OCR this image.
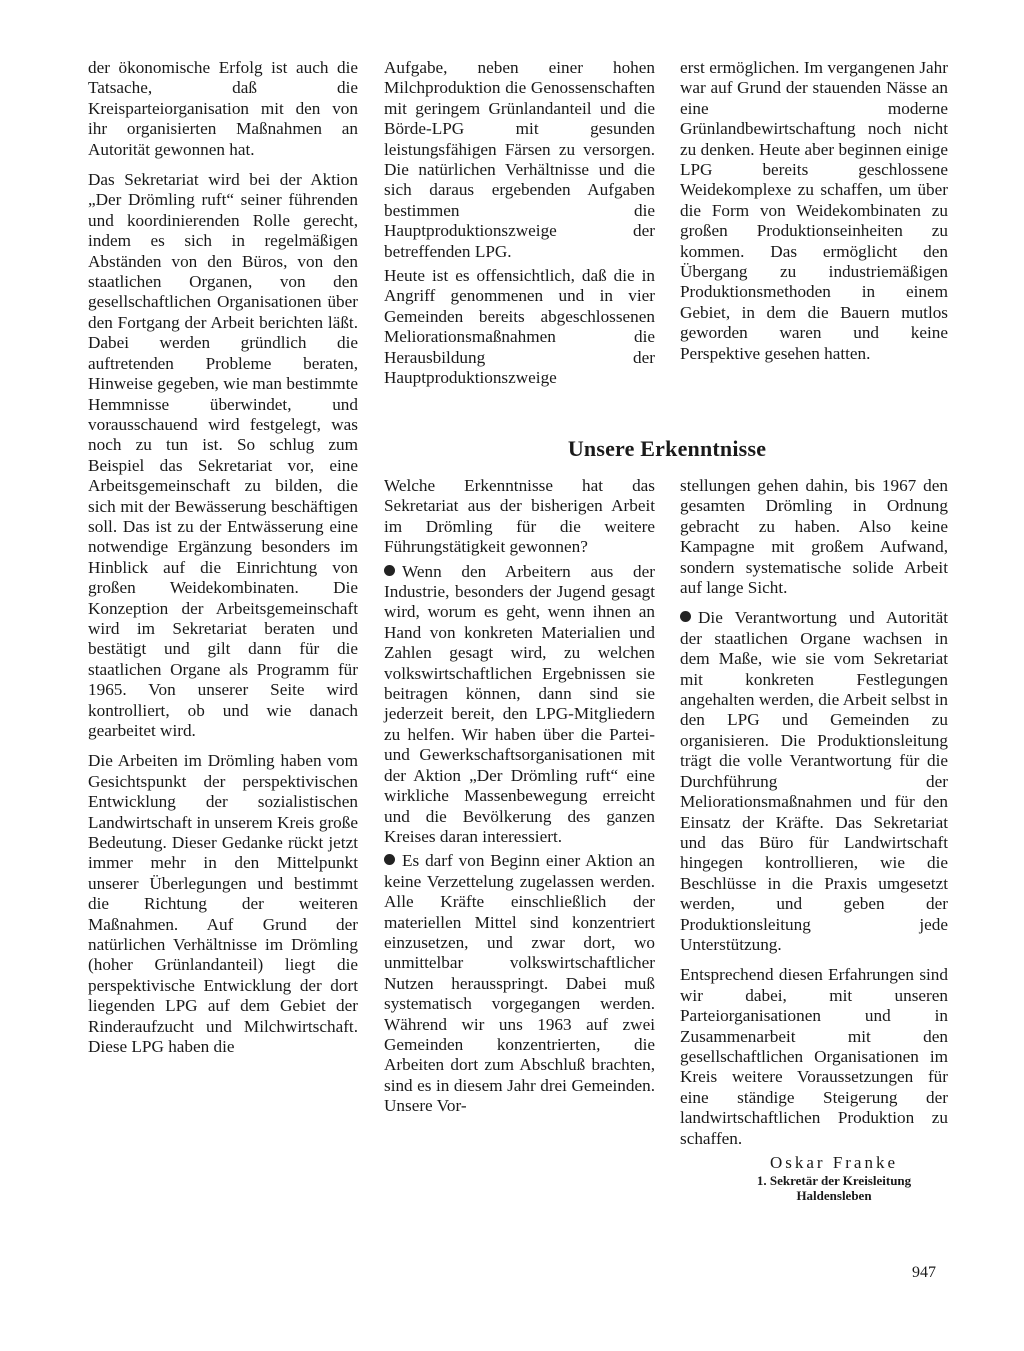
der ökonomische Erfolg ist auch die Tatsache, daß die Kreisparteiorganisation mit den von ihr organisierten Maßnahmen an Autorität gewonnen hat.

Das Sekretariat wird bei der Aktion „Der Drömling ruft“ seiner führenden und koordinierenden Rolle gerecht, indem es sich in regelmäßigen Abständen von den Büros, von den staatlichen Organen, von den gesellschaftlichen Organisationen über den Fortgang der Arbeit berichten läßt. Dabei werden gründlich die auftretenden Probleme beraten, Hinweise gegeben, wie man bestimmte Hemmnisse überwindet, und vorausschauend wird festgelegt, was noch zu tun ist. So schlug zum Beispiel das Sekretariat vor, eine Arbeitsgemeinschaft zu bilden, die sich mit der Bewässerung beschäftigen soll. Das ist zu der Entwässerung eine notwendige Ergänzung besonders im Hinblick auf die Einrichtung von großen Weidekombinaten. Die Konzeption der Arbeitsgemeinschaft wird im Sekretariat beraten und bestätigt und gilt dann für die staatlichen Organe als Programm für 1965. Von unserer Seite wird kontrolliert, ob und wie danach gearbeitet wird.

Die Arbeiten im Drömling haben vom Gesichtspunkt der perspektivischen Entwicklung der sozialistischen Landwirtschaft in unserem Kreis große Bedeutung. Dieser Gedanke rückt jetzt immer mehr in den Mittelpunkt unserer Überlegungen und bestimmt die Richtung der weiteren Maßnahmen. Auf Grund der natürlichen Verhältnisse im Drömling (hoher Grünlandanteil) liegt die perspektivische Entwicklung der dort liegenden LPG auf dem Gebiet der Rinderaufzucht und Milchwirtschaft. Diese LPG haben die

Aufgabe, neben einer hohen Milchproduktion die Genossenschaften mit geringem Grünlandanteil und die Börde-LPG mit gesunden leistungsfähigen Färsen zu versorgen. Die natürlichen Verhältnisse und die sich daraus ergebenden Aufgaben bestimmen die Hauptproduktionszweige der betreffenden LPG.

Heute ist es offensichtlich, daß die in Angriff genommenen und in vier Gemeinden bereits abgeschlossenen Meliorationsmaßnahmen die Herausbildung der Hauptproduktionszweige

erst ermöglichen. Im vergangenen Jahr war auf Grund der stauenden Nässe an eine moderne Grünlandbewirtschaftung noch nicht zu denken. Heute aber beginnen einige LPG bereits geschlossene Weidekomplexe zu schaffen, um über die Form von Weidekombinaten zu großen Produktionseinheiten zu kommen. Das ermöglicht den Übergang zu industriemäßigen Produktionsmethoden in einem Gebiet, in dem die Bauern mutlos geworden waren und keine Perspektive gesehen hatten.

Unsere Erkenntnisse

Welche Erkenntnisse hat das Sekretariat aus der bisherigen Arbeit im Drömling für die weitere Führungstätigkeit gewonnen?

Wenn den Arbeitern aus der Industrie, besonders der Jugend gesagt wird, worum es geht, wenn ihnen an Hand von konkreten Materialien und Zahlen gesagt wird, zu welchen volkswirtschaftlichen Ergebnissen sie beitragen können, dann sind sie jederzeit bereit, den LPG-Mitgliedern zu helfen. Wir haben über die Partei- und Gewerkschaftsorganisationen mit der Aktion „Der Drömling ruft“ eine wirkliche Massenbewegung erreicht und die Bevölkerung des ganzen Kreises daran interessiert.

Es darf von Beginn einer Aktion an keine Verzettelung zugelassen werden. Alle Kräfte einschließlich der materiellen Mittel sind konzentriert einzusetzen, und zwar dort, wo unmittelbar volkswirtschaftlicher Nutzen herausspringt. Dabei muß systematisch vorgegangen werden. Während wir uns 1963 auf zwei Gemeinden konzentrierten, die Arbeiten dort zum Abschluß brachten, sind es in diesem Jahr drei Gemeinden. Unsere Vor-

stellungen gehen dahin, bis 1967 den gesamten Drömling in Ordnung gebracht zu haben. Also keine Kampagne mit großem Aufwand, sondern systematische solide Arbeit auf lange Sicht.

Die Verantwortung und Autorität der staatlichen Organe wachsen in dem Maße, wie sie vom Sekretariat mit konkreten Festlegungen angehalten werden, die Arbeit selbst in den LPG und Gemeinden zu organisieren. Die Produktionsleitung trägt die volle Verantwortung für die Durchführung der Meliorationsmaßnahmen und für den Einsatz der Kräfte. Das Sekretariat und das Büro für Landwirtschaft hingegen kontrollieren, wie die Beschlüsse in die Praxis umgesetzt werden, und geben der Produktionsleitung jede Unterstützung.

Entsprechend diesen Erfahrungen sind wir dabei, mit unseren Parteiorganisationen und in Zusammenarbeit mit den gesellschaftlichen Organisationen im Kreis weitere Voraussetzungen für eine ständige Steigerung der landwirtschaftlichen Produktion zu schaffen.

Oskar Franke
1. Sekretär der Kreisleitung
Haldensleben

947
